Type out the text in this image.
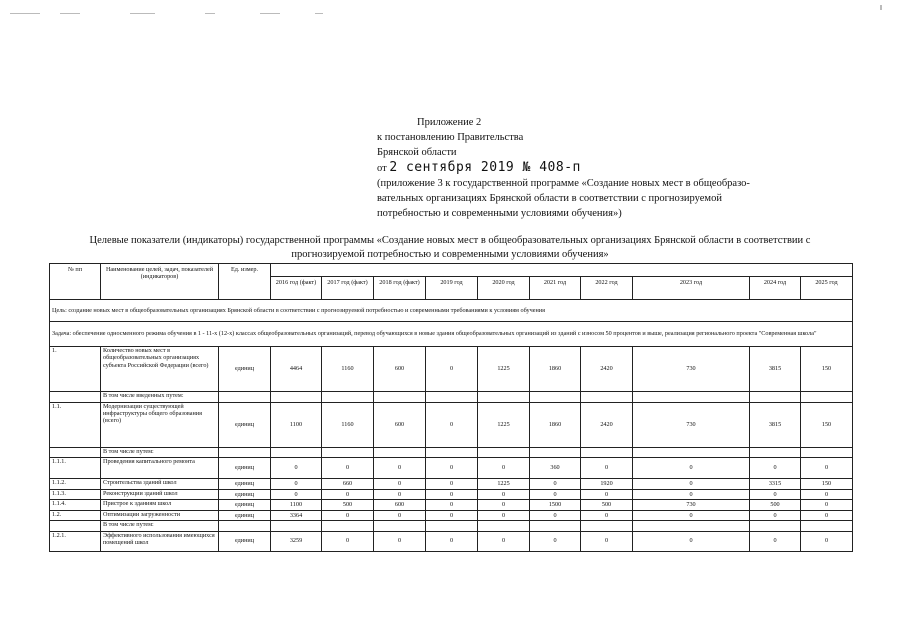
Приложение 2
к постановлению Правительства
Брянской области
от 2 сентября 2019 № 408-п
(приложение 3 к государственной программе «Создание новых мест в общеобразо-
вательных организациях Брянской области в соответствии с прогнозируемой
потребностью и современными условиями обучения»)
Целевые показатели (индикаторы) государственной программы «Создание новых мест в общеобразовательных организациях Брянской области в соответствии с
прогнозируемой потребностью и современными условиями обучения»
№ пп	Наименование целей, задач, показателей (индикаторов)	Ед. измер.										
			2016 год (факт)	2017 год (факт)	2018 год (факт)	2019 год	2020 год	2021 год	2022 год	2023 год	2024 год	2025 год
Цель: создание новых мест в общеобразовательных организациях Брянской области в соответствии с прогнозируемой потребностью и современными требованиями к условиям обучения												
Задача: обеспечение односменного режима обучения в 1 - 11-х (12-х) классах общеобразовательных организаций, перевод обучающихся в новые здания общеобразовательных организаций из зданий с износом 50 процентов и выше, реализация регионального проекта "Современная школа"												
1.	Количество новых мест в общеобразовательных организациях субъекта Российской Федерации (всего)	единиц	4464	1160	600	0	1225	1860	2420	730	3815	150
	В том числе введенных путем:											
1.1.	Модернизации существующей инфраструктуры общего образования (всего)	единиц	1100	1160	600	0	1225	1860	2420	730	3815	150
	В том числе путем:											
1.1.1.	Проведения капитального ремонта	единиц	0	0	0	0	0	360	0	0	0	0
1.1.2.	Строительства зданий школ	единиц	0	660	0	0	1225	0	1920	0	3315	150
1.1.3.	Реконструкции зданий школ	единиц	0	0	0	0	0	0	0	0	0	0
1.1.4.	Пристрое к зданиям школ	единиц	1100	500	600	0	0	1500	500	730	500	0
1.2.	Оптимизации загруженности	единиц	3364	0	0	0	0	0	0	0	0	0
	В том числе путем:											
1.2.1.	Эффективного использования имеющихся помещений школ	единиц	3259	0	0	0	0	0	0	0	0	0
